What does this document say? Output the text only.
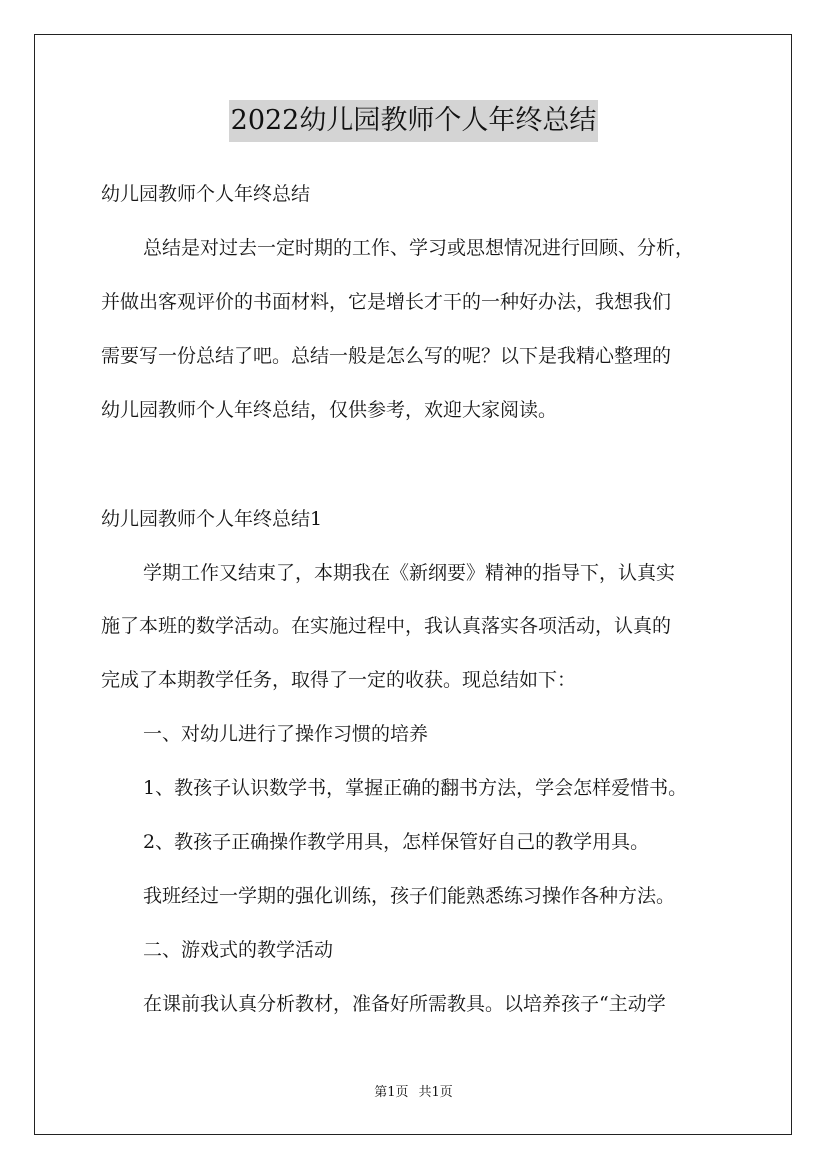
2022幼儿园教师个人年终总结
幼儿园教师个人年终总结
总结是对过去一定时期的工作、学习或思想情况进行回顾、分析，
并做出客观评价的书面材料，它是增长才干的一种好办法，我想我们
需要写一份总结了吧。总结一般是怎么写的呢？以下是我精心整理的
幼儿园教师个人年终总结，仅供参考，欢迎大家阅读。
幼儿园教师个人年终总结1
学期工作又结束了，本期我在《新纲要》精神的指导下，认真实
施了本班的数学活动。在实施过程中，我认真落实各项活动，认真的
完成了本期教学任务，取得了一定的收获。现总结如下：
一、对幼儿进行了操作习惯的培养
1、教孩子认识数学书，掌握正确的翻书方法，学会怎样爱惜书。
2、教孩子正确操作教学用具，怎样保管好自己的教学用具。
我班经过一学期的强化训练，孩子们能熟悉练习操作各种方法。
二、游戏式的教学活动
在课前我认真分析教材，准备好所需教具。以培养孩子“主动学
第1页 共1页
